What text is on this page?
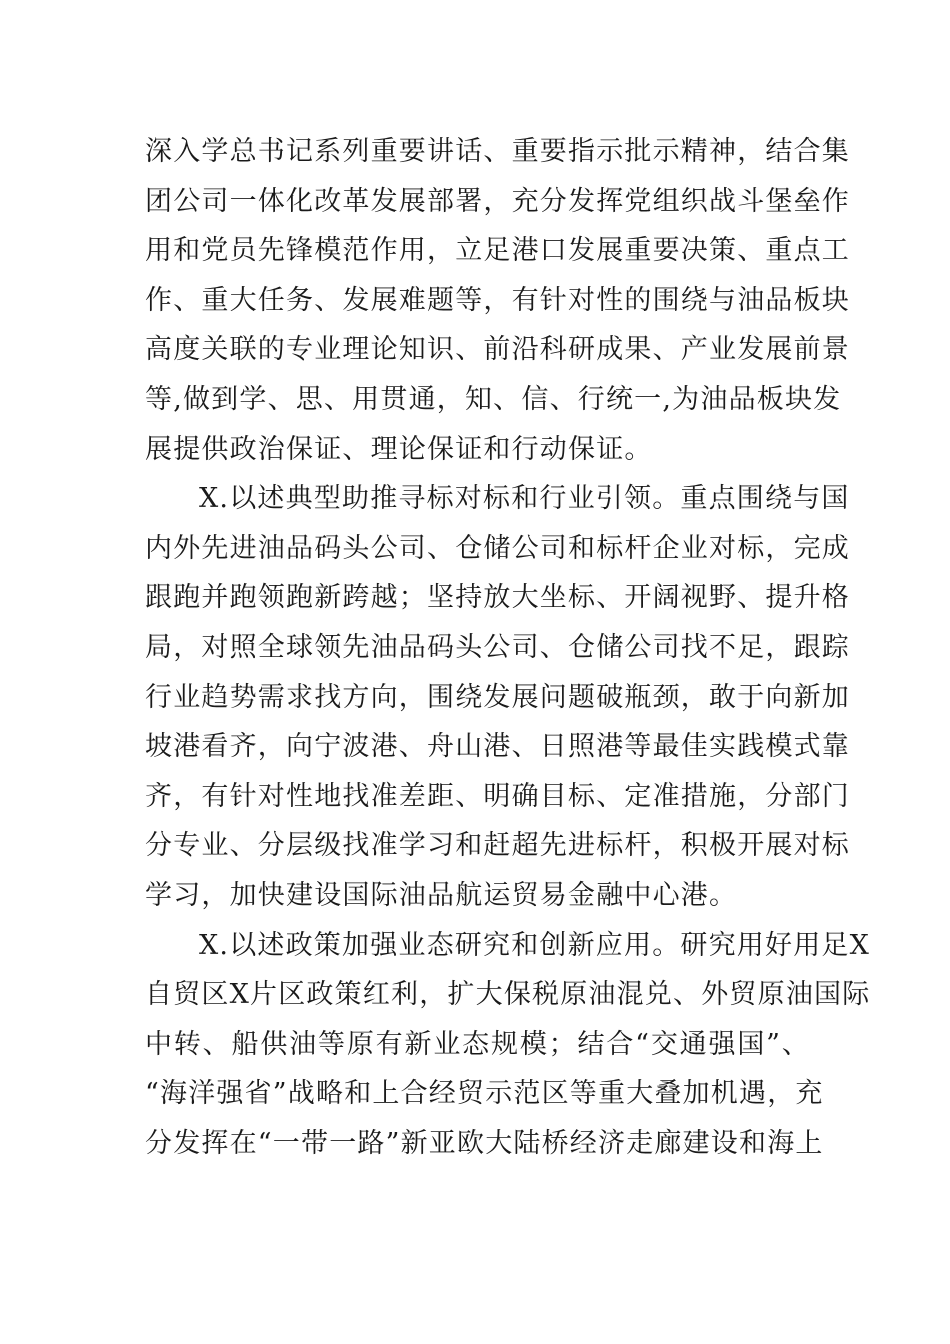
深入学总书记系列重要讲话、重要指示批示精神，结合集
团公司一体化改革发展部署，充分发挥党组织战斗堡垒作
用和党员先锋模范作用，立足港口发展重要决策、重点工
作、重大任务、发展难题等，有针对性的围绕与油品板块
高度关联的专业理论知识、前沿科研成果、产业发展前景
等,做到学、思、用贯通，知、信、行统一,为油品板块发
展提供政治保证、理论保证和行动保证。
X.以述典型助推寻标对标和行业引领。重点围绕与国
内外先进油品码头公司、仓储公司和标杆企业对标，完成
跟跑并跑领跑新跨越；坚持放大坐标、开阔视野、提升格
局，对照全球领先油品码头公司、仓储公司找不足，跟踪
行业趋势需求找方向，围绕发展问题破瓶颈，敢于向新加
坡港看齐，向宁波港、舟山港、日照港等最佳实践模式靠
齐，有针对性地找准差距、明确目标、定准措施，分部门
分专业、分层级找准学习和赶超先进标杆，积极开展对标
学习，加快建设国际油品航运贸易金融中心港。
X.以述政策加强业态研究和创新应用。研究用好用足X
自贸区X片区政策红利，扩大保税原油混兑、外贸原油国际
中转、船供油等原有新业态规模；结合“交通强国”、
“海洋强省”战略和上合经贸示范区等重大叠加机遇，充
分发挥在“一带一路”新亚欧大陆桥经济走廊建设和海上
